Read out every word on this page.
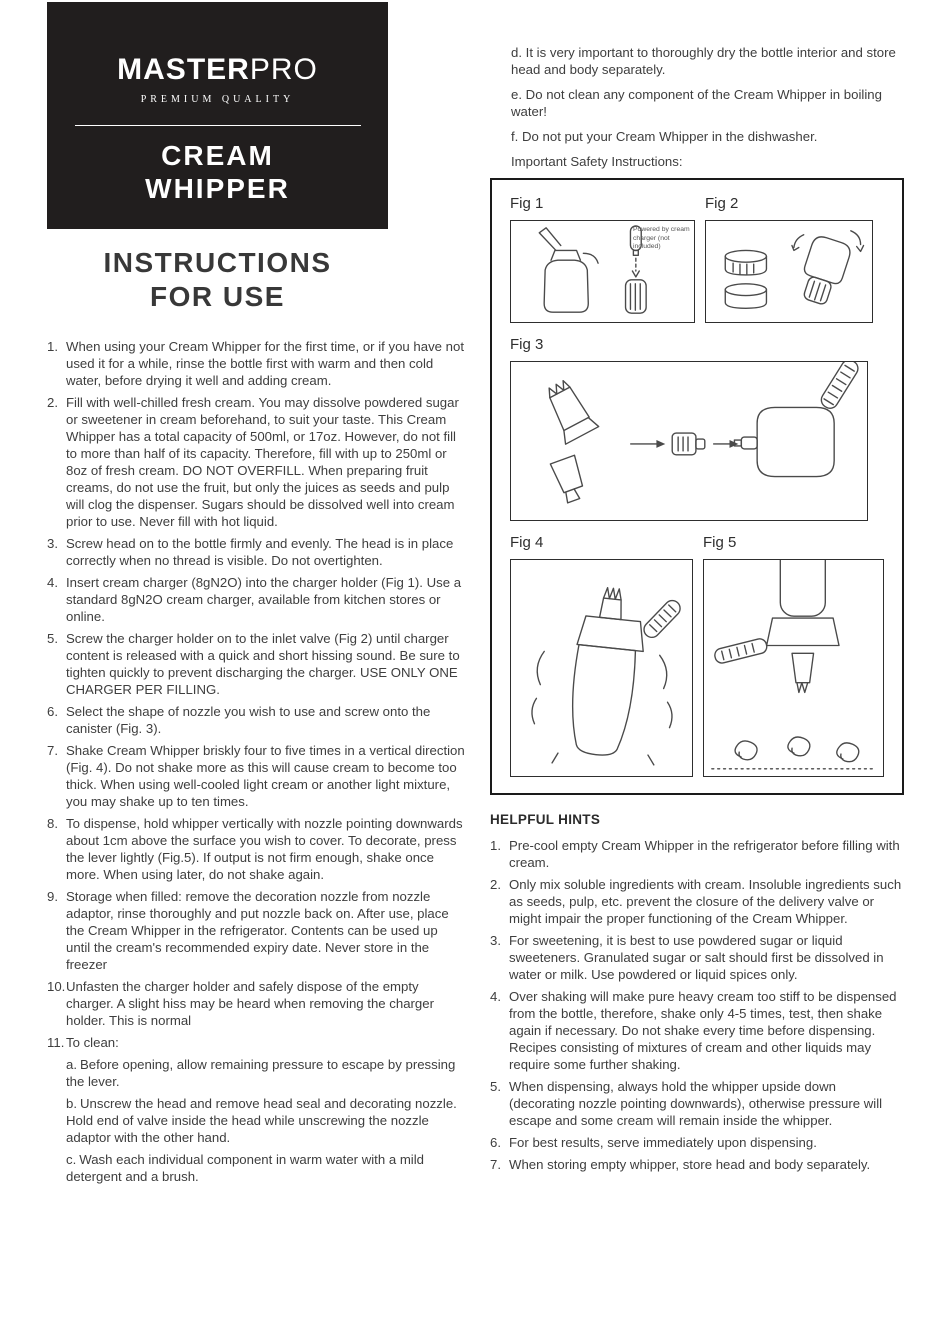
MASTERPRO
PREMIUM QUALITY
CREAM
WHIPPER
INSTRUCTIONS
FOR USE
1. When using your Cream Whipper for the first time, or if you have not used it for a while, rinse the bottle first with warm and then cold water, before drying it well and adding cream.
2. Fill with well-chilled fresh cream. You may dissolve powdered sugar or sweetener in cream beforehand, to suit your taste. This Cream Whipper has a total capacity of 500ml, or 17oz. However, do not fill to more than half of its capacity. Therefore, fill with up to 250ml or 8oz of fresh cream. DO NOT OVERFILL. When preparing fruit creams, do not use the fruit, but only the juices as seeds and pulp will clog the dispenser. Sugars should be dissolved well into cream prior to use. Never fill with hot liquid.
3. Screw head on to the bottle firmly and evenly. The head is in place correctly when no thread is visible. Do not overtighten.
4. Insert cream charger (8gN2O) into the charger holder (Fig 1). Use a standard 8gN2O cream charger, available from kitchen stores or online.
5. Screw the charger holder on to the inlet valve (Fig 2) until charger content is released with a quick and short hissing sound. Be sure to tighten quickly to prevent discharging the charger. USE ONLY ONE CHARGER PER FILLING.
6. Select the shape of nozzle you wish to use and screw onto the canister (Fig. 3).
7. Shake Cream Whipper briskly four to five times in a vertical direction (Fig. 4). Do not shake more as this will cause cream to become too thick. When using well-cooled light cream or another light mixture, you may shake up to ten times.
8. To dispense, hold whipper vertically with nozzle pointing downwards about 1cm above the surface you wish to cover. To decorate, press the lever lightly (Fig.5). If output is not firm enough, shake once more. When using later, do not shake again.
9. Storage when filled: remove the decoration nozzle from nozzle adaptor, rinse thoroughly and put nozzle back on. After use, place the Cream Whipper in the refrigerator. Contents can be used up until the cream's recommended expiry date. Never store in the freezer
10. Unfasten the charger holder and safely dispose of the empty charger. A slight hiss may be heard when removing the charger holder. This is normal
11. To clean:
a. Before opening, allow remaining pressure to escape by pressing the lever.
b. Unscrew the head and remove head seal and decorating nozzle. Hold end of valve inside the head while unscrewing the nozzle adaptor with the other hand.
c. Wash each individual component in warm water with a mild detergent and a brush.

d. It is very important to thoroughly dry the bottle interior and store head and body separately.

e. Do not clean any component of the Cream Whipper in boiling water!

f. Do not put your Cream Whipper in the dishwasher.

Important Safety Instructions:

Fig 1
Powered by cream charger (not included)
Fig 2
Fig 3
Fig 4	Fig 5
HELPFUL HINTS
1. Pre-cool empty Cream Whipper in the refrigerator before filling with cream.
2. Only mix soluble ingredients with cream. Insoluble ingredients such as seeds, pulp, etc. prevent the closure of the delivery valve or might impair the proper functioning of the Cream Whipper.
3. For sweetening, it is best to use powdered sugar or liquid sweeteners. Granulated sugar or salt should first be dissolved in water or milk. Use powdered or liquid spices only.
4. Over shaking will make pure heavy cream too stiff to be dispensed from the bottle, therefore, shake only 4-5 times, test, then shake again if necessary. Do not shake every time before dispensing. Recipes consisting of mixtures of cream and other liquids may require some further shaking.
5. When dispensing, always hold the whipper upside down (decorating nozzle pointing downwards), otherwise pressure will escape and some cream will remain inside the whipper.
6. For best results, serve immediately upon dispensing.
7. When storing empty whipper, store head and body separately.
